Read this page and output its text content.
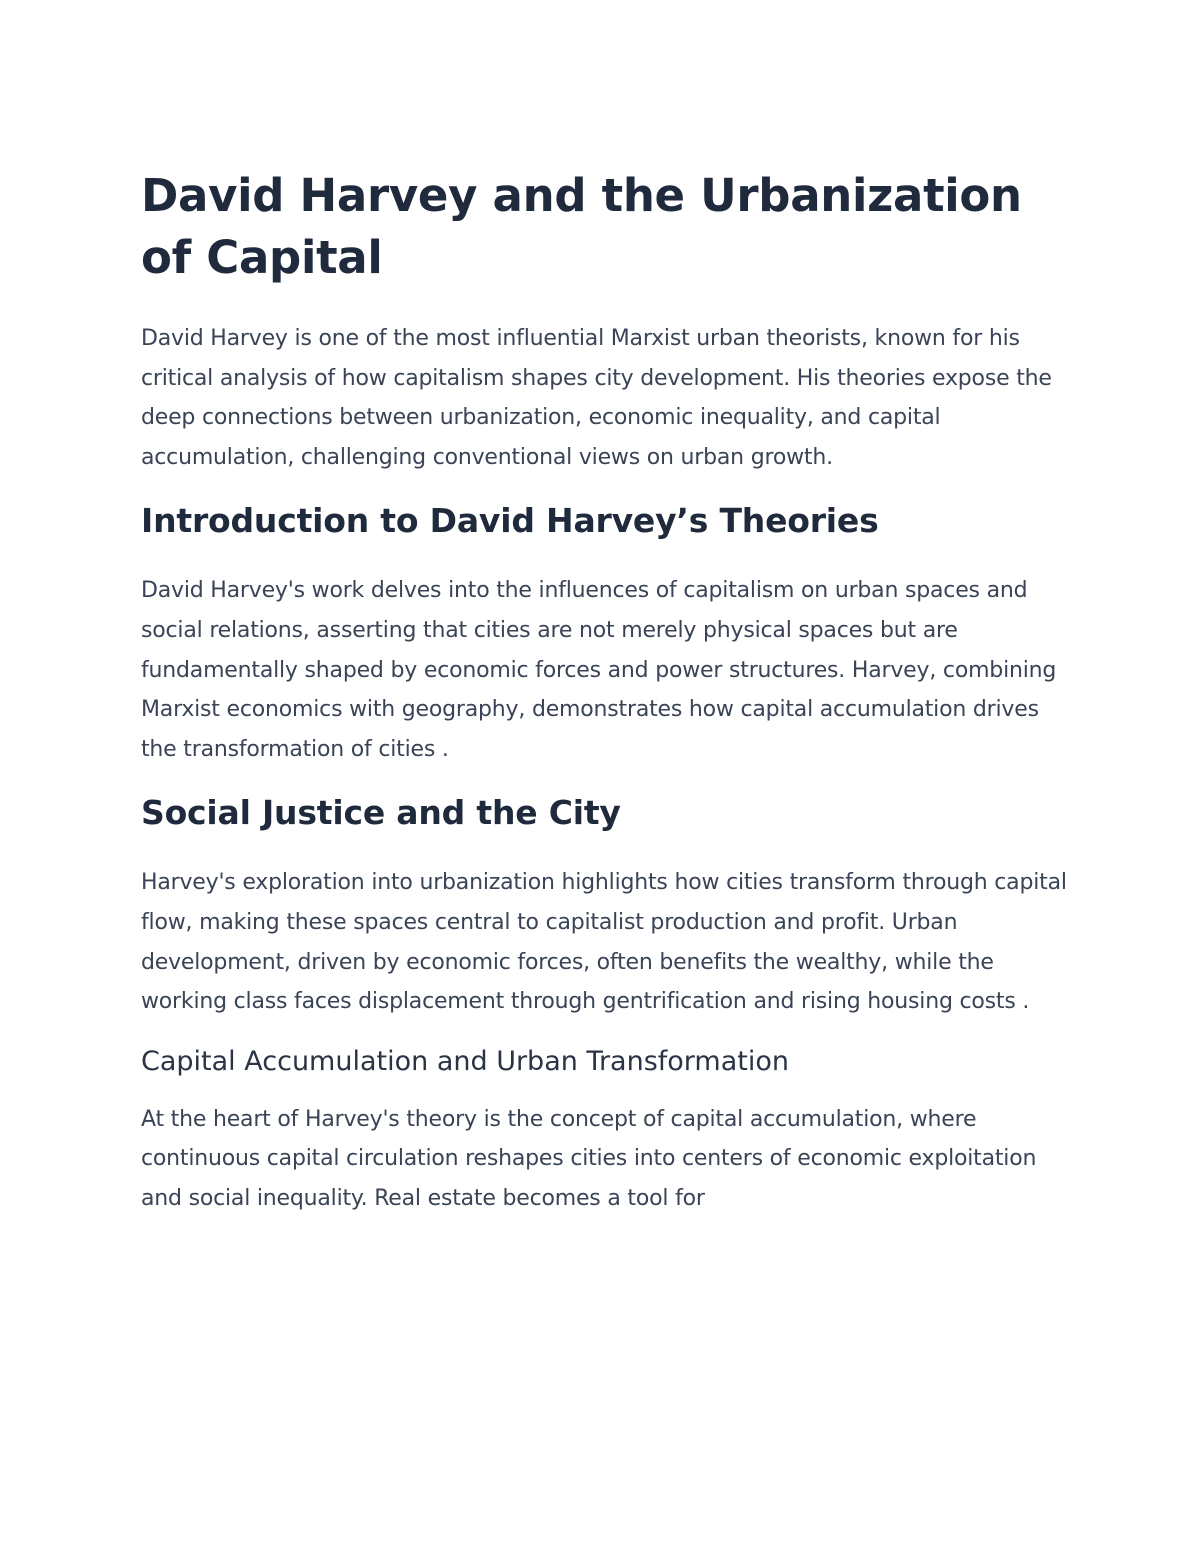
David Harvey and the Urbanization of Capital

David Harvey is one of the most influential Marxist urban theorists, known for his critical analysis of how capitalism shapes city development. His theories expose the deep connections between urbanization, economic inequality, and capital accumulation, challenging conventional views on urban growth.

Introduction to David Harvey’s Theories

David Harvey's work delves into the influences of capitalism on urban spaces and social relations, asserting that cities are not merely physical spaces but are fundamentally shaped by economic forces and power structures. Harvey, combining Marxist economics with geography, demonstrates how capital accumulation drives the transformation of cities .

Social Justice and the City

Harvey's exploration into urbanization highlights how cities transform through capital flow, making these spaces central to capitalist production and profit. Urban development, driven by economic forces, often benefits the wealthy, while the working class faces displacement through gentrification and rising housing costs .

Capital Accumulation and Urban Transformation

At the heart of Harvey's theory is the concept of capital accumulation, where continuous capital circulation reshapes cities into centers of economic exploitation and social inequality. Real estate becomes a tool for
